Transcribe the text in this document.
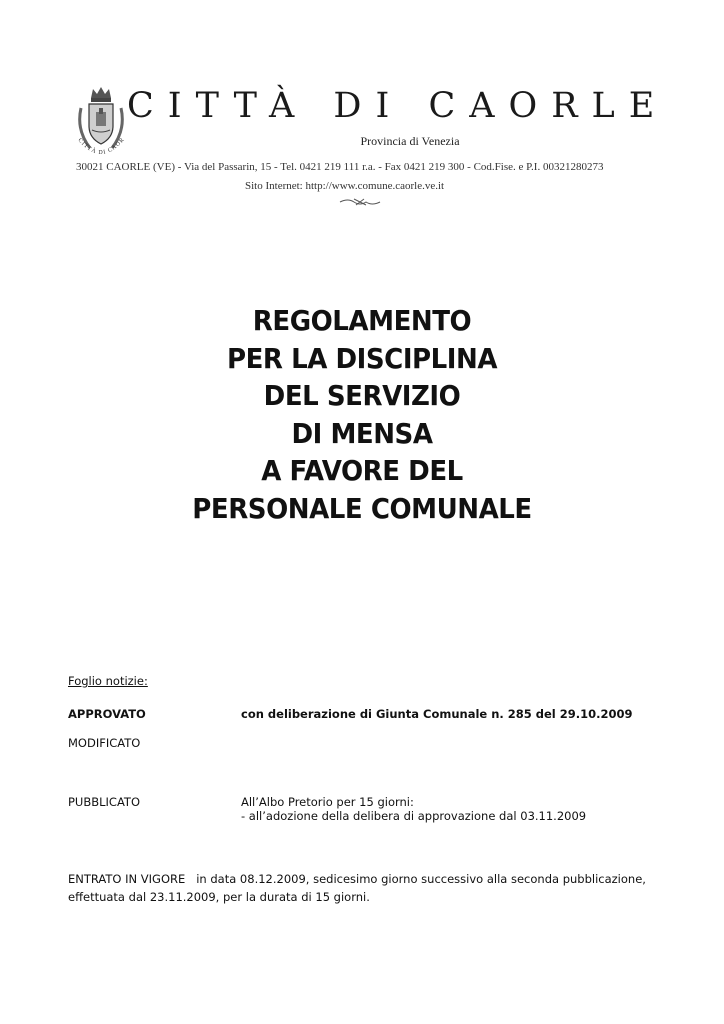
CITTÀ DI CAOR
CITTÀ DI CAORLE
Provincia di Venezia
30021 CAORLE (VE) - Via del Passarin, 15 - Tel. 0421 219 111 r.a. - Fax 0421 219 300 - Cod.Fise. e P.I. 00321280273
Sito Internet: http://www.comune.caorle.ve.it
REGOLAMENTO
PER LA DISCIPLINA
DEL SERVIZIO
DI MENSA
A FAVORE DEL
PERSONALE COMUNALE
Foglio notizie:
APPROVATO	con deliberazione di Giunta Comunale n. 285 del 29.10.2009
MODIFICATO
PUBBLICATO	All’Albo Pretorio per 15 giorni:
- all’adozione della delibera di approvazione dal 03.11.2009
ENTRATO IN VIGORE in data 08.12.2009, sedicesimo giorno successivo alla seconda pubblicazione, effettuata dal 23.11.2009, per la durata di 15 giorni.
